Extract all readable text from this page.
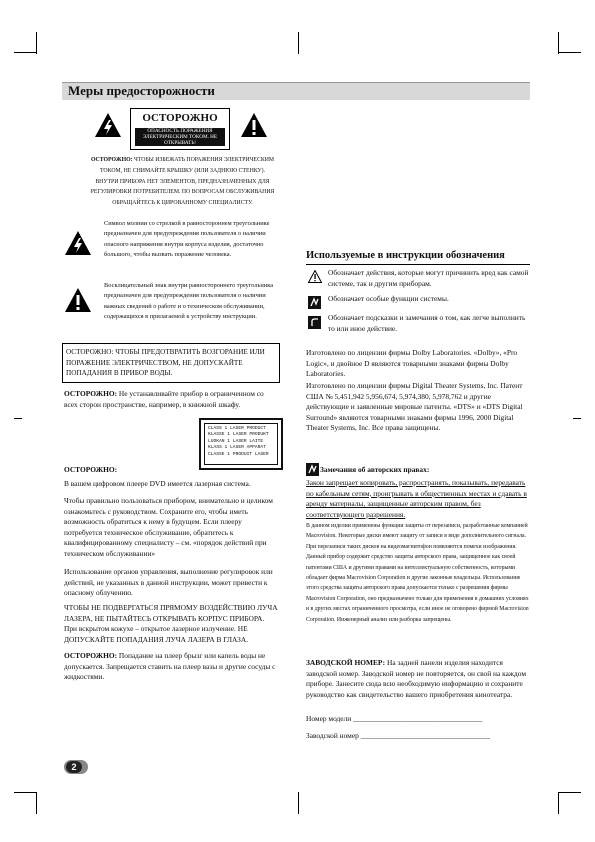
Меры предосторожности
ОСТОРОЖНО
ОПАСНОСТЬ ПОРАЖЕНИЯ ЭЛЕКТРИЧЕСКИМ ТОКОМ. НЕ ОТКРЫВАТЬ!
ОСТОРОЖНО: ЧТОБЫ ИЗБЕЖАТЬ ПОРАЖЕНИЯ ЭЛЕКТРИЧЕСКИМ ТОКОМ, НЕ СНИМАЙТЕ КРЫШКУ (ИЛИ ЗАДНЮЮ СТЕНКУ). ВНУТРИ ПРИБОРА НЕТ ЭЛЕМЕНТОВ, ПРЕДНАЗНАЧЕННЫХ ДЛЯ РЕГУЛИРОВКИ ПОТРЕБИТЕЛЕМ. ПО ВОПРОСАМ ОБСЛУЖИВАНИЯ ОБРАЩАЙТЕСЬ К ЦИРОВАННОМУ СПЕЦИАЛИСТУ.
Символ молнии со стрелкой в равностороннем треугольнике предназначен для предупреждения пользователя о наличии опасного напряжения внутри корпуса изделия, достаточно большого, чтобы вызвать поражение человека.
Восклицательный знак внутри равностороннего треугольника предназначен для предупреждения пользователя о наличии важных сведений о работе и о техническом обслуживании, содержащихся в прилагаемой к устройству инструкции.
ОСТОРОЖНО: ЧТОБЫ ПРЕДОТВРАТИТЬ ВОЗГОРАНИЕ ИЛИ ПОРАЖЕНИЕ ЭЛЕКТРИЧЕСТВОМ, НЕ ДОПУСКАЙТЕ ПОПАДАНИЯ В ПРИБОР ВОДЫ.
ОСТОРОЖНО: Не устанавливайте прибор в ограниченном со всех сторон пространстве, например, в книжной шкафу.
CLASS 1 LASER PRODUCT
KLASSE 1 LASER PRODUKT
LUOKAN 1 LASER LAITE
KLASS 1 LASER APPARAT
CLASSE 1 PRODUIT LASER
ОСТОРОЖНО:
В вашем цифровом плеере DVD имеется лазерная система.
Чтобы правильно пользоваться прибором, внимательно и целиком ознакомьтесь с руководством. Сохраните его, чтобы иметь возможность обратиться к нему в будущем. Если плееру потребуется техническое обслуживание, обратитесь к квалифицированному специалисту – см. «порядок действий при техническом обслуживании»
Использование органов управления, выполнение регулировок или действий, не указанных в данной инструкции, может привести к опасному облучению.
ЧТОБЫ НЕ ПОДВЕРГАТЬСЯ ПРЯМОМУ ВОЗДЕЙСТВИЮ ЛУЧА ЛАЗЕРА, НЕ ПЫТАЙТЕСЬ ОТКРЫВАТЬ КОРПУС ПРИБОРА. При вскрытом кожухе – открытое лазерное излучение. НЕ ДОПУСКАЙТЕ ПОПАДАНИЯ ЛУЧА ЛАЗЕРА В ГЛАЗА.
ОСТОРОЖНО: Попадание на плеер брызг или капель воды не допускается. Запрещается ставить на плеер вазы и другие сосуды с жидкостями.
Используемые в инструкции обозначения
Обозначает действия, которые могут причинить вред как самой системе, так и другим приборам.
Обозначает особые функции системы.
Обозначает подсказки и замечания о том, как легче выполнить то или иное действие.
Изготовлено по лицензии фирмы Dolby Laboratories. «Dolby», «Pro Logic», и двойное D являются товарными знаками фирмы Dolby Laboratories.
Изготовлено по лицензии фирмы Digital Theater Systems, Inc. Патент США № 5,451,942 5,956,674, 5,974,380, 5,978,762 и другие действующие и заявленные мировые патенты. «DTS» и «DTS Digital Surround» являются товарными знаками фирмы 1996, 2000 Digital Theater Systems, Inc. Все права защищены.
Замечания об авторских правах:
Закон запрещает копировать, распространять, показывать, передавать по кабельным сетям, проигрывать в общественных местах и сдавать в аренду материалы, защищенные авторским правом, без соответствующего разрешения.
В данном изделии применены функции защиты от перезаписи, разработанные компанией Macrovision. Некоторые диски имеют защиту от записи в виде дополнительного сигнала. При перезаписи таких дисков на видеомагнитофон появляются помехи изображения. Данный прибор содержит средство защиты авторского права, защищенное как своей патентами США и другими правами на интеллектуальную собственность, которыми обладает фирма Macrovision Corporation и другие законные владельцы. Использование этого средства защиты авторского права допускается только с разрешения фирмы Macrovision Corporation, оно предназначено только для применения в домашних условиях и в других местах ограниченного просмотра, если иное не оговорено фирмой Macrovision Corporation. Инженерный анализ или разборка запрещены.
ЗАВОДСКОЙ НОМЕР: На задней панели изделия находится заводской номер. Заводской номер не повторяется, он свой на каждом приборе. Занесите сюда всю необходимую информацию и сохраните руководство как свидетельство вашего приобретения кинотеатра.
Номер модели ___________________________________
Заводской номер ___________________________________
2
